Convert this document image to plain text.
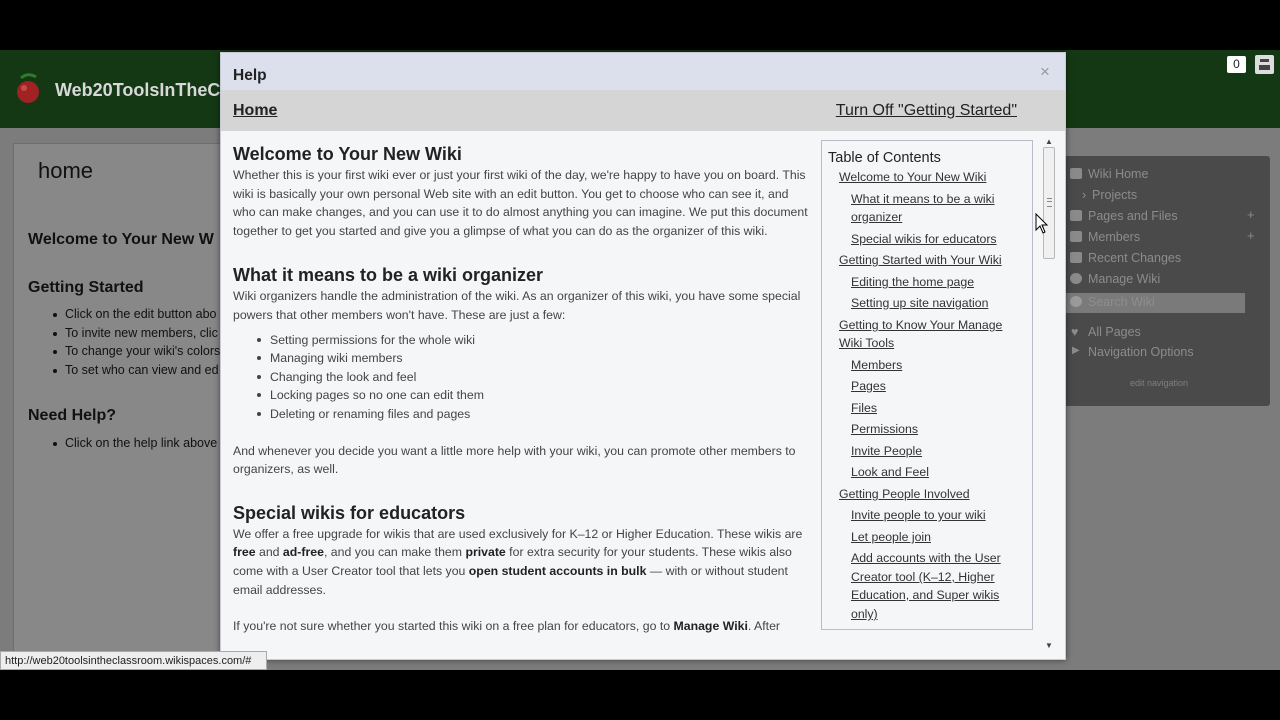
Web20ToolsInTheC
0
home
Welcome to Your New W
Getting Started
Click on the edit button abo
To invite new members, clic
To change your wiki's colors
To set who can view and ed
Need Help?
Click on the help link above
Wiki Home
› Projects
Pages and Files	+
Members	+
Recent Changes
Manage Wiki
Search Wiki
♥ All Pages
▶ Navigation Options
edit navigation
http://web20toolsintheclassroom.wikispaces.com/#
Help	×
Home	Turn Off "Getting Started"
Welcome to Your New Wiki

Whether this is your first wiki ever or just your first wiki of the day, we're happy to have you on board. This wiki is basically your own personal Web site with an edit button. You get to choose who can see it, and who can make changes, and you can use it to do almost anything you can imagine. We put this document together to get you started and give you a glimpse of what you can do as the organizer of this wiki.

What it means to be a wiki organizer

Wiki organizers handle the administration of the wiki. As an organizer of this wiki, you have some special powers that other members won't have. These are just a few:

Setting permissions for the whole wiki
Managing wiki members
Changing the look and feel
Locking pages so no one can edit them
Deleting or renaming files and pages

And whenever you decide you want a little more help with your wiki, you can promote other members to organizers, as well.

Special wikis for educators

We offer a free upgrade for wikis that are used exclusively for K–12 or Higher Education. These wikis are free and ad-free, and you can make them private for extra security for your students. These wikis also come with a User Creator tool that lets you open student accounts in bulk — with or without student email addresses.

If you're not sure whether you started this wiki on a free plan for educators, go to Manage Wiki. After

Table of Contents
Welcome to Your New Wiki
What it means to be a wiki
organizer
Special wikis for educators
Getting Started with Your Wiki
Editing the home page
Setting up site navigation
Getting to Know Your Manage
Wiki Tools
Members
Pages
Files
Permissions
Invite People
Look and Feel
Getting People Involved
Invite people to your wiki
Let people join
Add accounts with the User
Creator tool (K–12, Higher
Education, and Super wikis
only)
▲
▼
